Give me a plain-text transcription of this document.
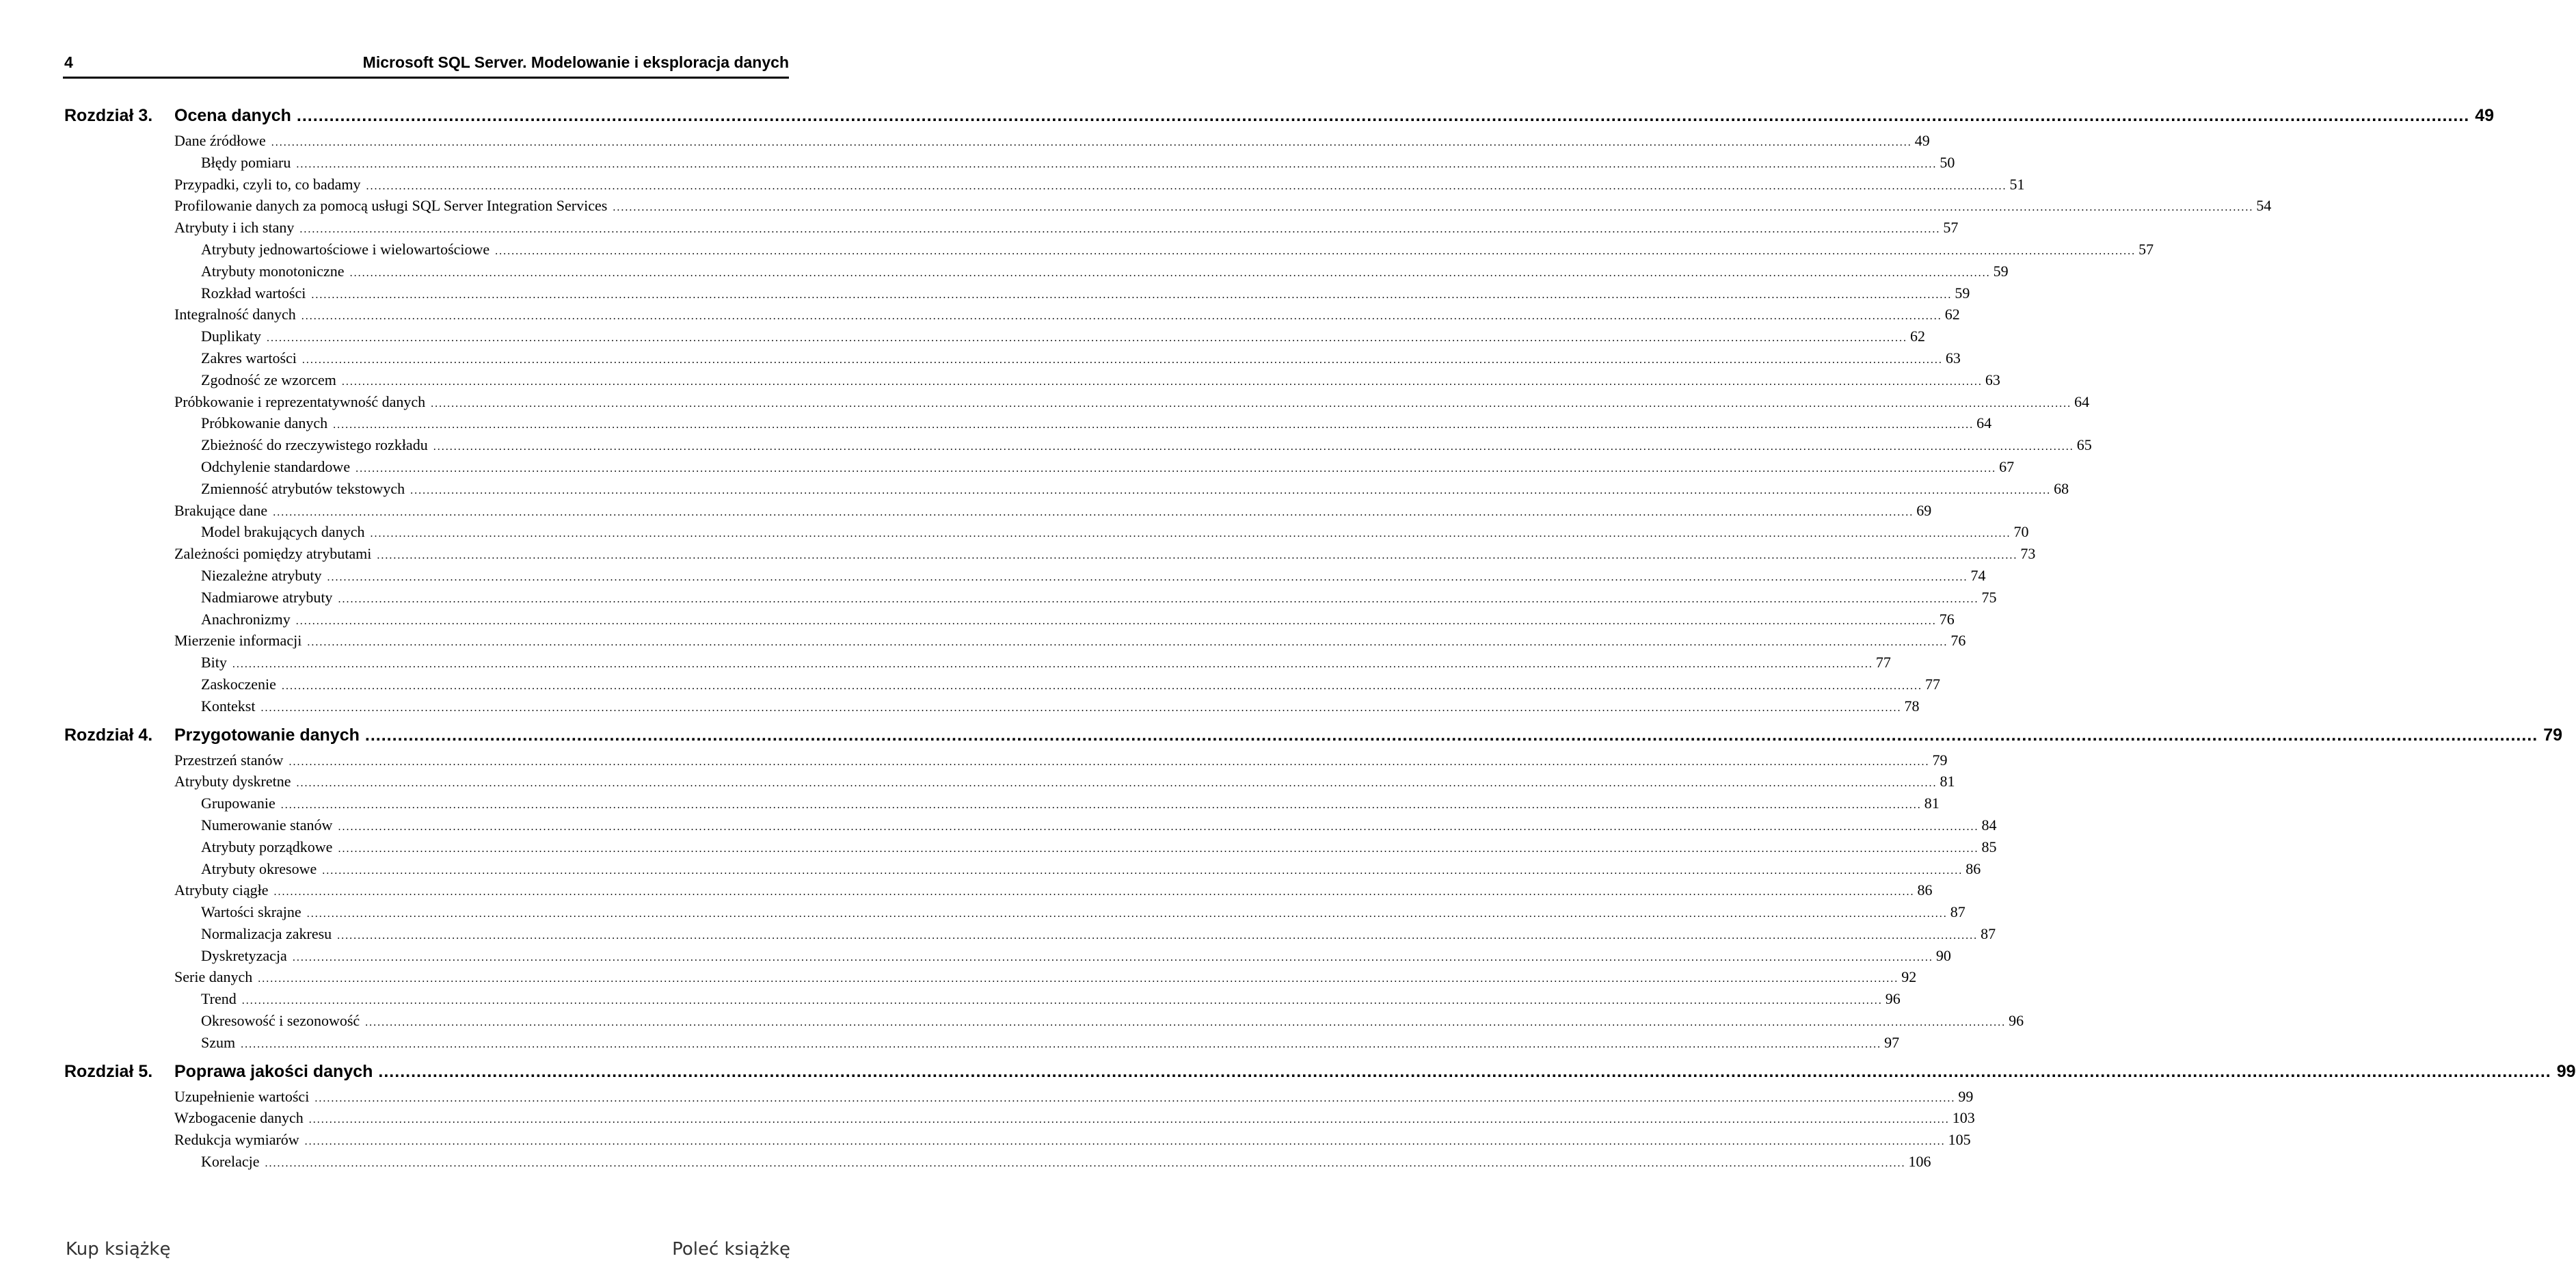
4	Microsoft SQL Server. Modelowanie i eksploracja danych
Rozdział 3. Ocena danych ................................................................................................................................................................................................................................................................................................................................................................................................................ 49
Dane źródłowe ................................................................................................................................................................................................................................................................................................................................................................................................................ 49
Błędy pomiaru ................................................................................................................................................................................................................................................................................................................................................................................................................ 50
Przypadki, czyli to, co badamy ................................................................................................................................................................................................................................................................................................................................................................................................................ 51
Profilowanie danych za pomocą usługi SQL Server Integration Services ................................................................................................................................................................................................................................................................................................................................................................................................................ 54
Atrybuty i ich stany ................................................................................................................................................................................................................................................................................................................................................................................................................ 57
Atrybuty jednowartościowe i wielowartościowe ................................................................................................................................................................................................................................................................................................................................................................................................................ 57
Atrybuty monotoniczne ................................................................................................................................................................................................................................................................................................................................................................................................................ 59
Rozkład wartości ................................................................................................................................................................................................................................................................................................................................................................................................................ 59
Integralność danych ................................................................................................................................................................................................................................................................................................................................................................................................................ 62
Duplikaty ................................................................................................................................................................................................................................................................................................................................................................................................................ 62
Zakres wartości ................................................................................................................................................................................................................................................................................................................................................................................................................ 63
Zgodność ze wzorcem ................................................................................................................................................................................................................................................................................................................................................................................................................ 63
Próbkowanie i reprezentatywność danych ................................................................................................................................................................................................................................................................................................................................................................................................................ 64
Próbkowanie danych ................................................................................................................................................................................................................................................................................................................................................................................................................ 64
Zbieżność do rzeczywistego rozkładu ................................................................................................................................................................................................................................................................................................................................................................................................................ 65
Odchylenie standardowe ................................................................................................................................................................................................................................................................................................................................................................................................................ 67
Zmienność atrybutów tekstowych ................................................................................................................................................................................................................................................................................................................................................................................................................ 68
Brakujące dane ................................................................................................................................................................................................................................................................................................................................................................................................................ 69
Model brakujących danych ................................................................................................................................................................................................................................................................................................................................................................................................................ 70
Zależności pomiędzy atrybutami ................................................................................................................................................................................................................................................................................................................................................................................................................ 73
Niezależne atrybuty ................................................................................................................................................................................................................................................................................................................................................................................................................ 74
Nadmiarowe atrybuty ................................................................................................................................................................................................................................................................................................................................................................................................................ 75
Anachronizmy ................................................................................................................................................................................................................................................................................................................................................................................................................ 76
Mierzenie informacji ................................................................................................................................................................................................................................................................................................................................................................................................................ 76
Bity ................................................................................................................................................................................................................................................................................................................................................................................................................ 77
Zaskoczenie ................................................................................................................................................................................................................................................................................................................................................................................................................ 77
Kontekst ................................................................................................................................................................................................................................................................................................................................................................................................................ 78
Rozdział 4. Przygotowanie danych ................................................................................................................................................................................................................................................................................................................................................................................................................ 79
Przestrzeń stanów ................................................................................................................................................................................................................................................................................................................................................................................................................ 79
Atrybuty dyskretne ................................................................................................................................................................................................................................................................................................................................................................................................................ 81
Grupowanie ................................................................................................................................................................................................................................................................................................................................................................................................................ 81
Numerowanie stanów ................................................................................................................................................................................................................................................................................................................................................................................................................ 84
Atrybuty porządkowe ................................................................................................................................................................................................................................................................................................................................................................................................................ 85
Atrybuty okresowe ................................................................................................................................................................................................................................................................................................................................................................................................................ 86
Atrybuty ciągłe ................................................................................................................................................................................................................................................................................................................................................................................................................ 86
Wartości skrajne ................................................................................................................................................................................................................................................................................................................................................................................................................ 87
Normalizacja zakresu ................................................................................................................................................................................................................................................................................................................................................................................................................ 87
Dyskretyzacja ................................................................................................................................................................................................................................................................................................................................................................................................................ 90
Serie danych ................................................................................................................................................................................................................................................................................................................................................................................................................ 92
Trend ................................................................................................................................................................................................................................................................................................................................................................................................................ 96
Okresowość i sezonowość ................................................................................................................................................................................................................................................................................................................................................................................................................ 96
Szum ................................................................................................................................................................................................................................................................................................................................................................................................................ 97
Rozdział 5. Poprawa jakości danych ................................................................................................................................................................................................................................................................................................................................................................................................................ 99
Uzupełnienie wartości ................................................................................................................................................................................................................................................................................................................................................................................................................ 99
Wzbogacenie danych ................................................................................................................................................................................................................................................................................................................................................................................................................ 103
Redukcja wymiarów ................................................................................................................................................................................................................................................................................................................................................................................................................ 105
Korelacje ................................................................................................................................................................................................................................................................................................................................................................................................................ 106
Kup książkę	Poleć książkę
